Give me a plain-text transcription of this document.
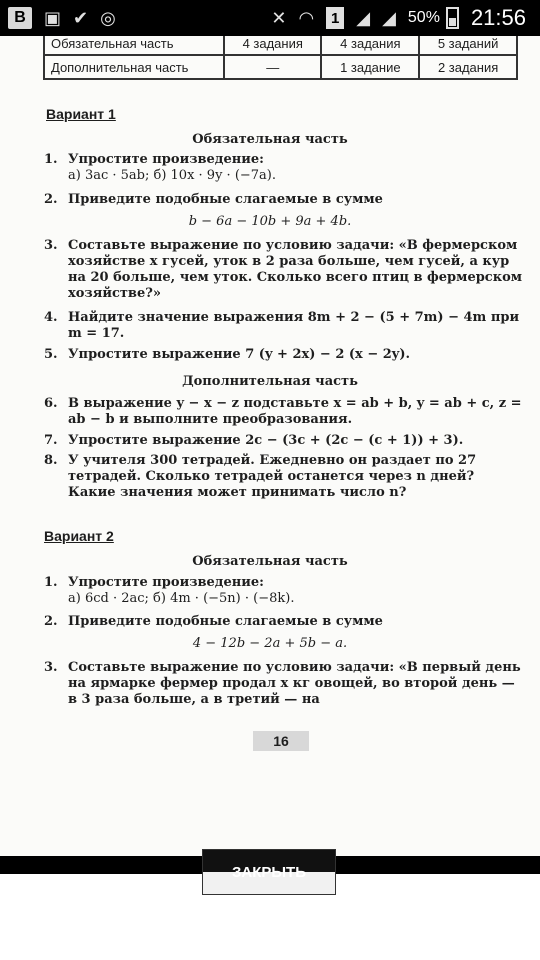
В	▣ ✔ ◎	✕ ◠	1 ◢ ◢ 50% 21:56
Обязательная часть	4 задания	4 задания	5 заданий
Дополнительная часть	—	1 задание	2 задания
Вариант 1
Обязательная часть
1. Упростите произведение:
а) 3ac · 5ab; б) 10x · 9y · (−7a).
2. Приведите подобные слагаемые в сумме
b − 6a − 10b + 9a + 4b.
3. Составьте выражение по условию задачи: «В фермерском хозяйстве x гусей, уток в 2 раза больше, чем гусей, а кур на 20 больше, чем уток. Сколько всего птиц в фермерском хозяйстве?»
4. Найдите значение выражения 8m + 2 − (5 + 7m) − 4m при m = 17.
5. Упростите выражение 7 (y + 2x) − 2 (x − 2y).
Дополнительная часть
6. В выражение y − x − z подставьте x = ab + b, y = ab + c, z = ab − b и выполните преобразования.
7. Упростите выражение 2c − (3c + (2c − (c + 1)) + 3).
8. У учителя 300 тетрадей. Ежедневно он раздает по 27 тетрадей. Сколько тетрадей останется через n дней? Какие значения может принимать число n?
Вариант 2
Обязательная часть
1. Упростите произведение:
а) 6cd · 2ac; б) 4m · (−5n) · (−8k).
2. Приведите подобные слагаемые в сумме
4 − 12b − 2a + 5b − a.
3. Составьте выражение по условию задачи: «В первый день на ярмарке фермер продал x кг овощей, во второй день — в 3 раза больше, а в третий — на
16
ЗАКРЫТЬ
